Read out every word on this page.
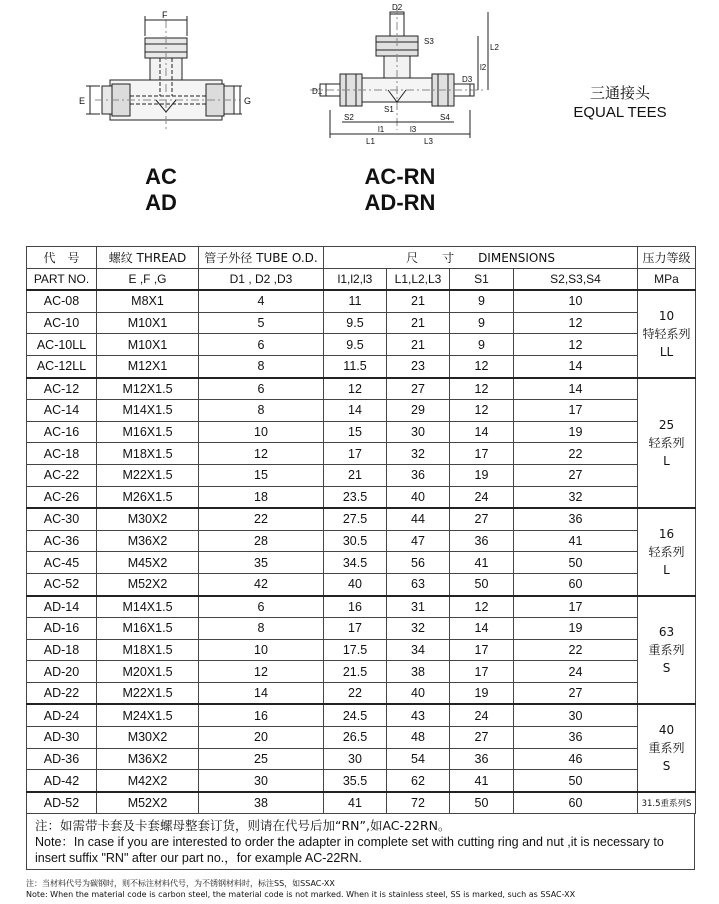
F
E	G
D2
S3
D1
D3
l2
L2
S2
S1
S4
l1
L1
l3
L3
AC
AD
AC-RN
AD-RN
三通接头
EQUAL TEES
代　号	螺纹 THREAD	管子外径 TUBE O.D.	尺　　寸　　DIMENSIONS				压力等级
PART NO.	E ,F ,G	D1 , D2 ,D3	l1,l2,l3	L1,L2,L3	S1	S2,S3,S4	MPa
AC-08	M8X1	4	11	21	9	10	10
特轻系列
LL

AC-10	M10X1	5	9.5	21	9	12	
AC-10LL	M10X1	6	9.5	21	9	12	
AC-12LL	M12X1	8	11.5	23	12	14	
AC-12	M12X1.5	6	12	27	12	14	25
轻系列
L

AC-14	M14X1.5	8	14	29	12	17	
AC-16	M16X1.5	10	15	30	14	19	
AC-18	M18X1.5	12	17	32	17	22	
AC-22	M22X1.5	15	21	36	19	27	
AC-26	M26X1.5	18	23.5	40	24	32	
AC-30	M30X2	22	27.5	44	27	36	16
轻系列
L

AC-36	M36X2	28	30.5	47	36	41	
AC-45	M45X2	35	34.5	56	41	50	
AC-52	M52X2	42	40	63	50	60	
AD-14	M14X1.5	6	16	31	12	17	63
重系列
S

AD-16	M16X1.5	8	17	32	14	19	
AD-18	M18X1.5	10	17.5	34	17	22	
AD-20	M20X1.5	12	21.5	38	17	24	
AD-22	M22X1.5	14	22	40	19	27	
AD-24	M24X1.5	16	24.5	43	24	30	40
重系列
S

AD-30	M30X2	20	26.5	48	27	36	
AD-36	M36X2	25	30	54	36	46	
AD-42	M42X2	30	35.5	62	41	50	
AD-52	M52X2	38	41	72	50	60	31.5重系列S
注：如需带卡套及卡套螺母整套订货，则请在代号后加“RN”,如AC-22RN。
Note：In case if you are interested to order the adapter in complete set with cutting ring and nut ,it is necessary to
insert suffix "RN" after our part no.，for example AC-22RN.
注：当材料代号为碳钢时，则不标注材料代号，为不锈钢材料时，标注SS，如SSAC-XX
Note: When the material code is carbon steel, the material code is not marked. When it is stainless steel, SS is marked, such as SSAC-XX
